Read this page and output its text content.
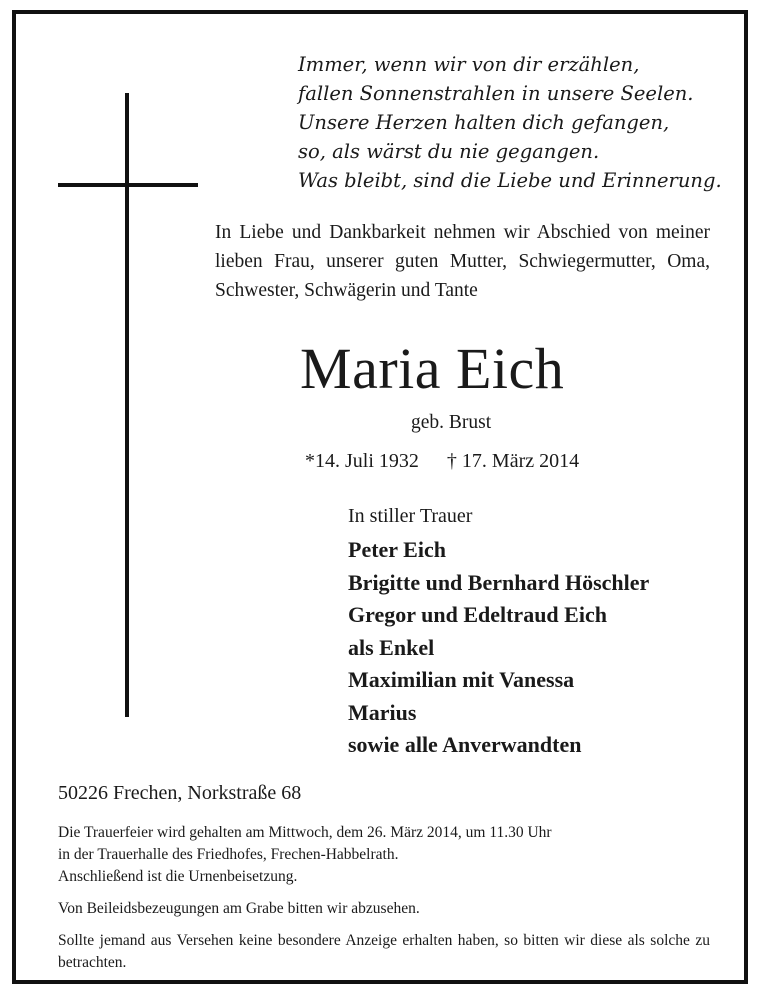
Immer, wenn wir von dir erzählen,
fallen Sonnenstrahlen in unsere Seelen.
Unsere Herzen halten dich gefangen,
so, als wärst du nie gegangen.
Was bleibt, sind die Liebe und Erinnerung.
In Liebe und Dankbarkeit nehmen wir Abschied von meiner lieben Frau, unserer guten Mutter, Schwiegermutter, Oma, Schwester, Schwägerin und Tante
Maria Eich
geb. Brust
*14. Juli 1932 † 17. März 2014
In stiller Trauer
Peter Eich
Brigitte und Bernhard Höschler
Gregor und Edeltraud Eich
als Enkel
Maximilian mit Vanessa
Marius
sowie alle Anverwandten
50226 Frechen, Norkstraße 68
Die Trauerfeier wird gehalten am Mittwoch, dem 26. März 2014, um 11.30 Uhr
in der Trauerhalle des Friedhofes, Frechen-Habbelrath.
Anschließend ist die Urnenbeisetzung.
Von Beileidsbezeugungen am Grabe bitten wir abzusehen.
Sollte jemand aus Versehen keine besondere Anzeige erhalten haben, so bitten wir diese als solche zu betrachten.
